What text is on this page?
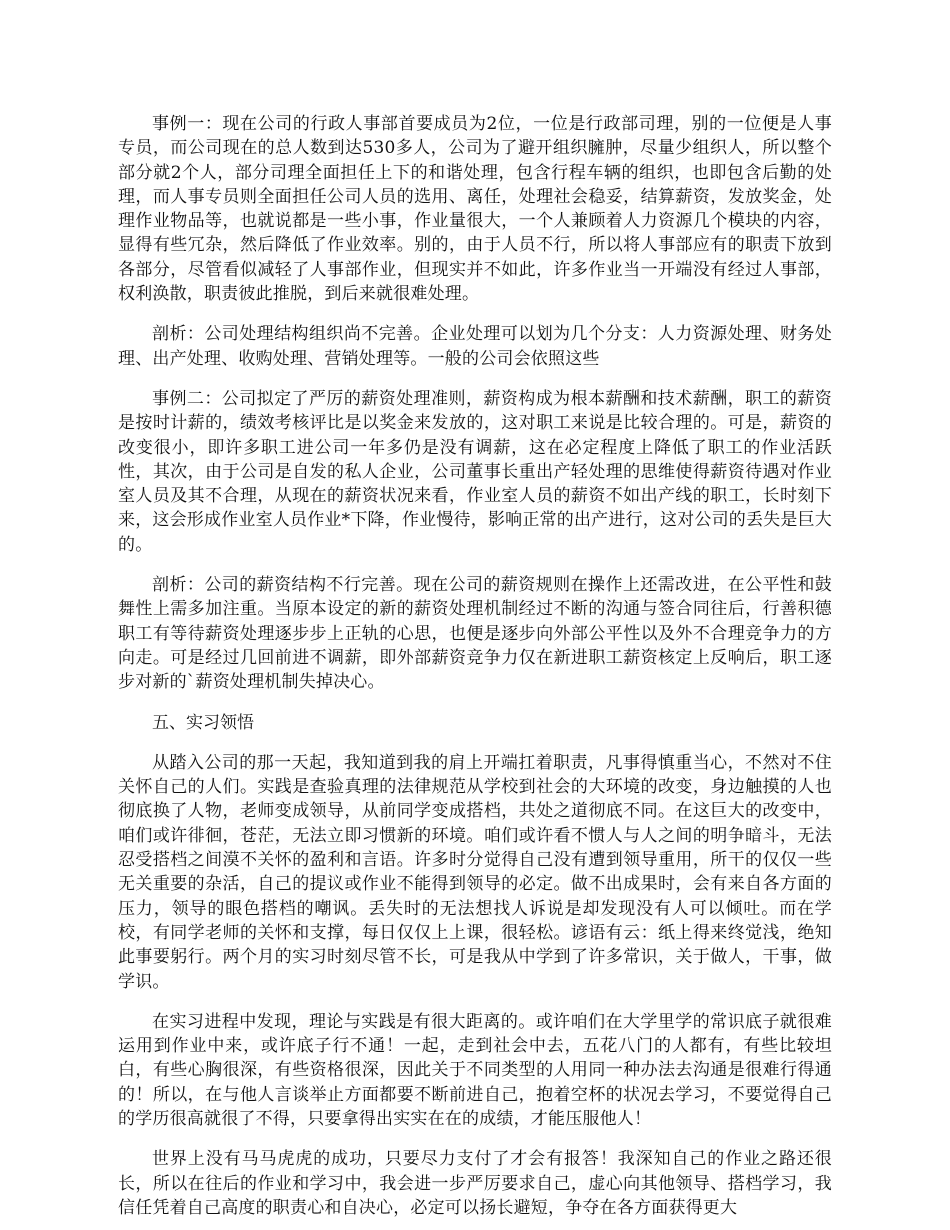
事例一：现在公司的行政人事部首要成员为2位，一位是行政部司理，别的一位便是人事专员，而公司现在的总人数到达530多人，公司为了避开组织臃肿，尽量少组织人，所以整个部分就2个人，部分司理全面担任上下的和谐处理，包含行程车辆的组织，也即包含后勤的处理，而人事专员则全面担任公司人员的选用、离任，处理社会稳妥，结算薪资，发放奖金，处理作业物品等，也就说都是一些小事，作业量很大，一个人兼顾着人力资源几个模块的内容，显得有些冗杂，然后降低了作业效率。别的，由于人员不行，所以将人事部应有的职责下放到各部分，尽管看似减轻了人事部作业，但现实并不如此，许多作业当一开端没有经过人事部，权利涣散，职责彼此推脱，到后来就很难处理。

剖析：公司处理结构组织尚不完善。企业处理可以划为几个分支：人力资源处理、财务处理、出产处理、收购处理、营销处理等。一般的公司会依照这些

事例二：公司拟定了严厉的薪资处理准则，薪资构成为根本薪酬和技术薪酬，职工的薪资是按时计薪的，绩效考核评比是以奖金来发放的，这对职工来说是比较合理的。可是，薪资的改变很小，即许多职工进公司一年多仍是没有调薪，这在必定程度上降低了职工的作业活跃性，其次，由于公司是自发的私人企业，公司董事长重出产轻处理的思维使得薪资待遇对作业室人员及其不合理，从现在的薪资状况来看，作业室人员的薪资不如出产线的职工，长时刻下来，这会形成作业室人员作业*下降，作业慢待，影响正常的出产进行，这对公司的丢失是巨大的。

剖析：公司的薪资结构不行完善。现在公司的薪资规则在操作上还需改进，在公平性和鼓舞性上需多加注重。当原本设定的新的薪资处理机制经过不断的沟通与签合同往后，行善积德职工有等待薪资处理逐步步上正轨的心思，也便是逐步向外部公平性以及外不合理竞争力的方向走。可是经过几回前进不调薪，即外部薪资竞争力仅在新进职工薪资核定上反响后，职工逐步对新的`薪资处理机制失掉决心。

五、实习领悟

从踏入公司的那一天起，我知道到我的肩上开端扛着职责，凡事得慎重当心，不然对不住关怀自己的人们。实践是查验真理的法律规范从学校到社会的大环境的改变，身边触摸的人也彻底换了人物，老师变成领导，从前同学变成搭档，共处之道彻底不同。在这巨大的改变中，咱们或许徘徊，苍茫，无法立即习惯新的环境。咱们或许看不惯人与人之间的明争暗斗，无法忍受搭档之间漠不关怀的盈利和言语。许多时分觉得自己没有遭到领导重用，所干的仅仅一些无关重要的杂活，自己的提议或作业不能得到领导的必定。做不出成果时，会有来自各方面的压力，领导的眼色搭档的嘲讽。丢失时的无法想找人诉说是却发现没有人可以倾吐。而在学校，有同学老师的关怀和支撑，每日仅仅上上课，很轻松。谚语有云：纸上得来终觉浅，绝知此事要躬行。两个月的实习时刻尽管不长，可是我从中学到了许多常识，关于做人，干事，做学识。

在实习进程中发现，理论与实践是有很大距离的。或许咱们在大学里学的常识底子就很难运用到作业中来，或许底子行不通！一起，走到社会中去，五花八门的人都有，有些比较坦白，有些心胸很深，有些资格很深，因此关于不同类型的人用同一种办法去沟通是很难行得通的！所以，在与他人言谈举止方面都要不断前进自己，抱着空杯的状况去学习，不要觉得自己的学历很高就很了不得，只要拿得出实实在在的成绩，才能压服他人！

世界上没有马马虎虎的成功，只要尽力支付了才会有报答！我深知自己的作业之路还很长，所以在往后的作业和学习中，我会进一步严厉要求自己，虚心向其他领导、搭档学习，我信任凭着自己高度的职责心和自决心，必定可以扬长避短，争夺在各方面获得更大
